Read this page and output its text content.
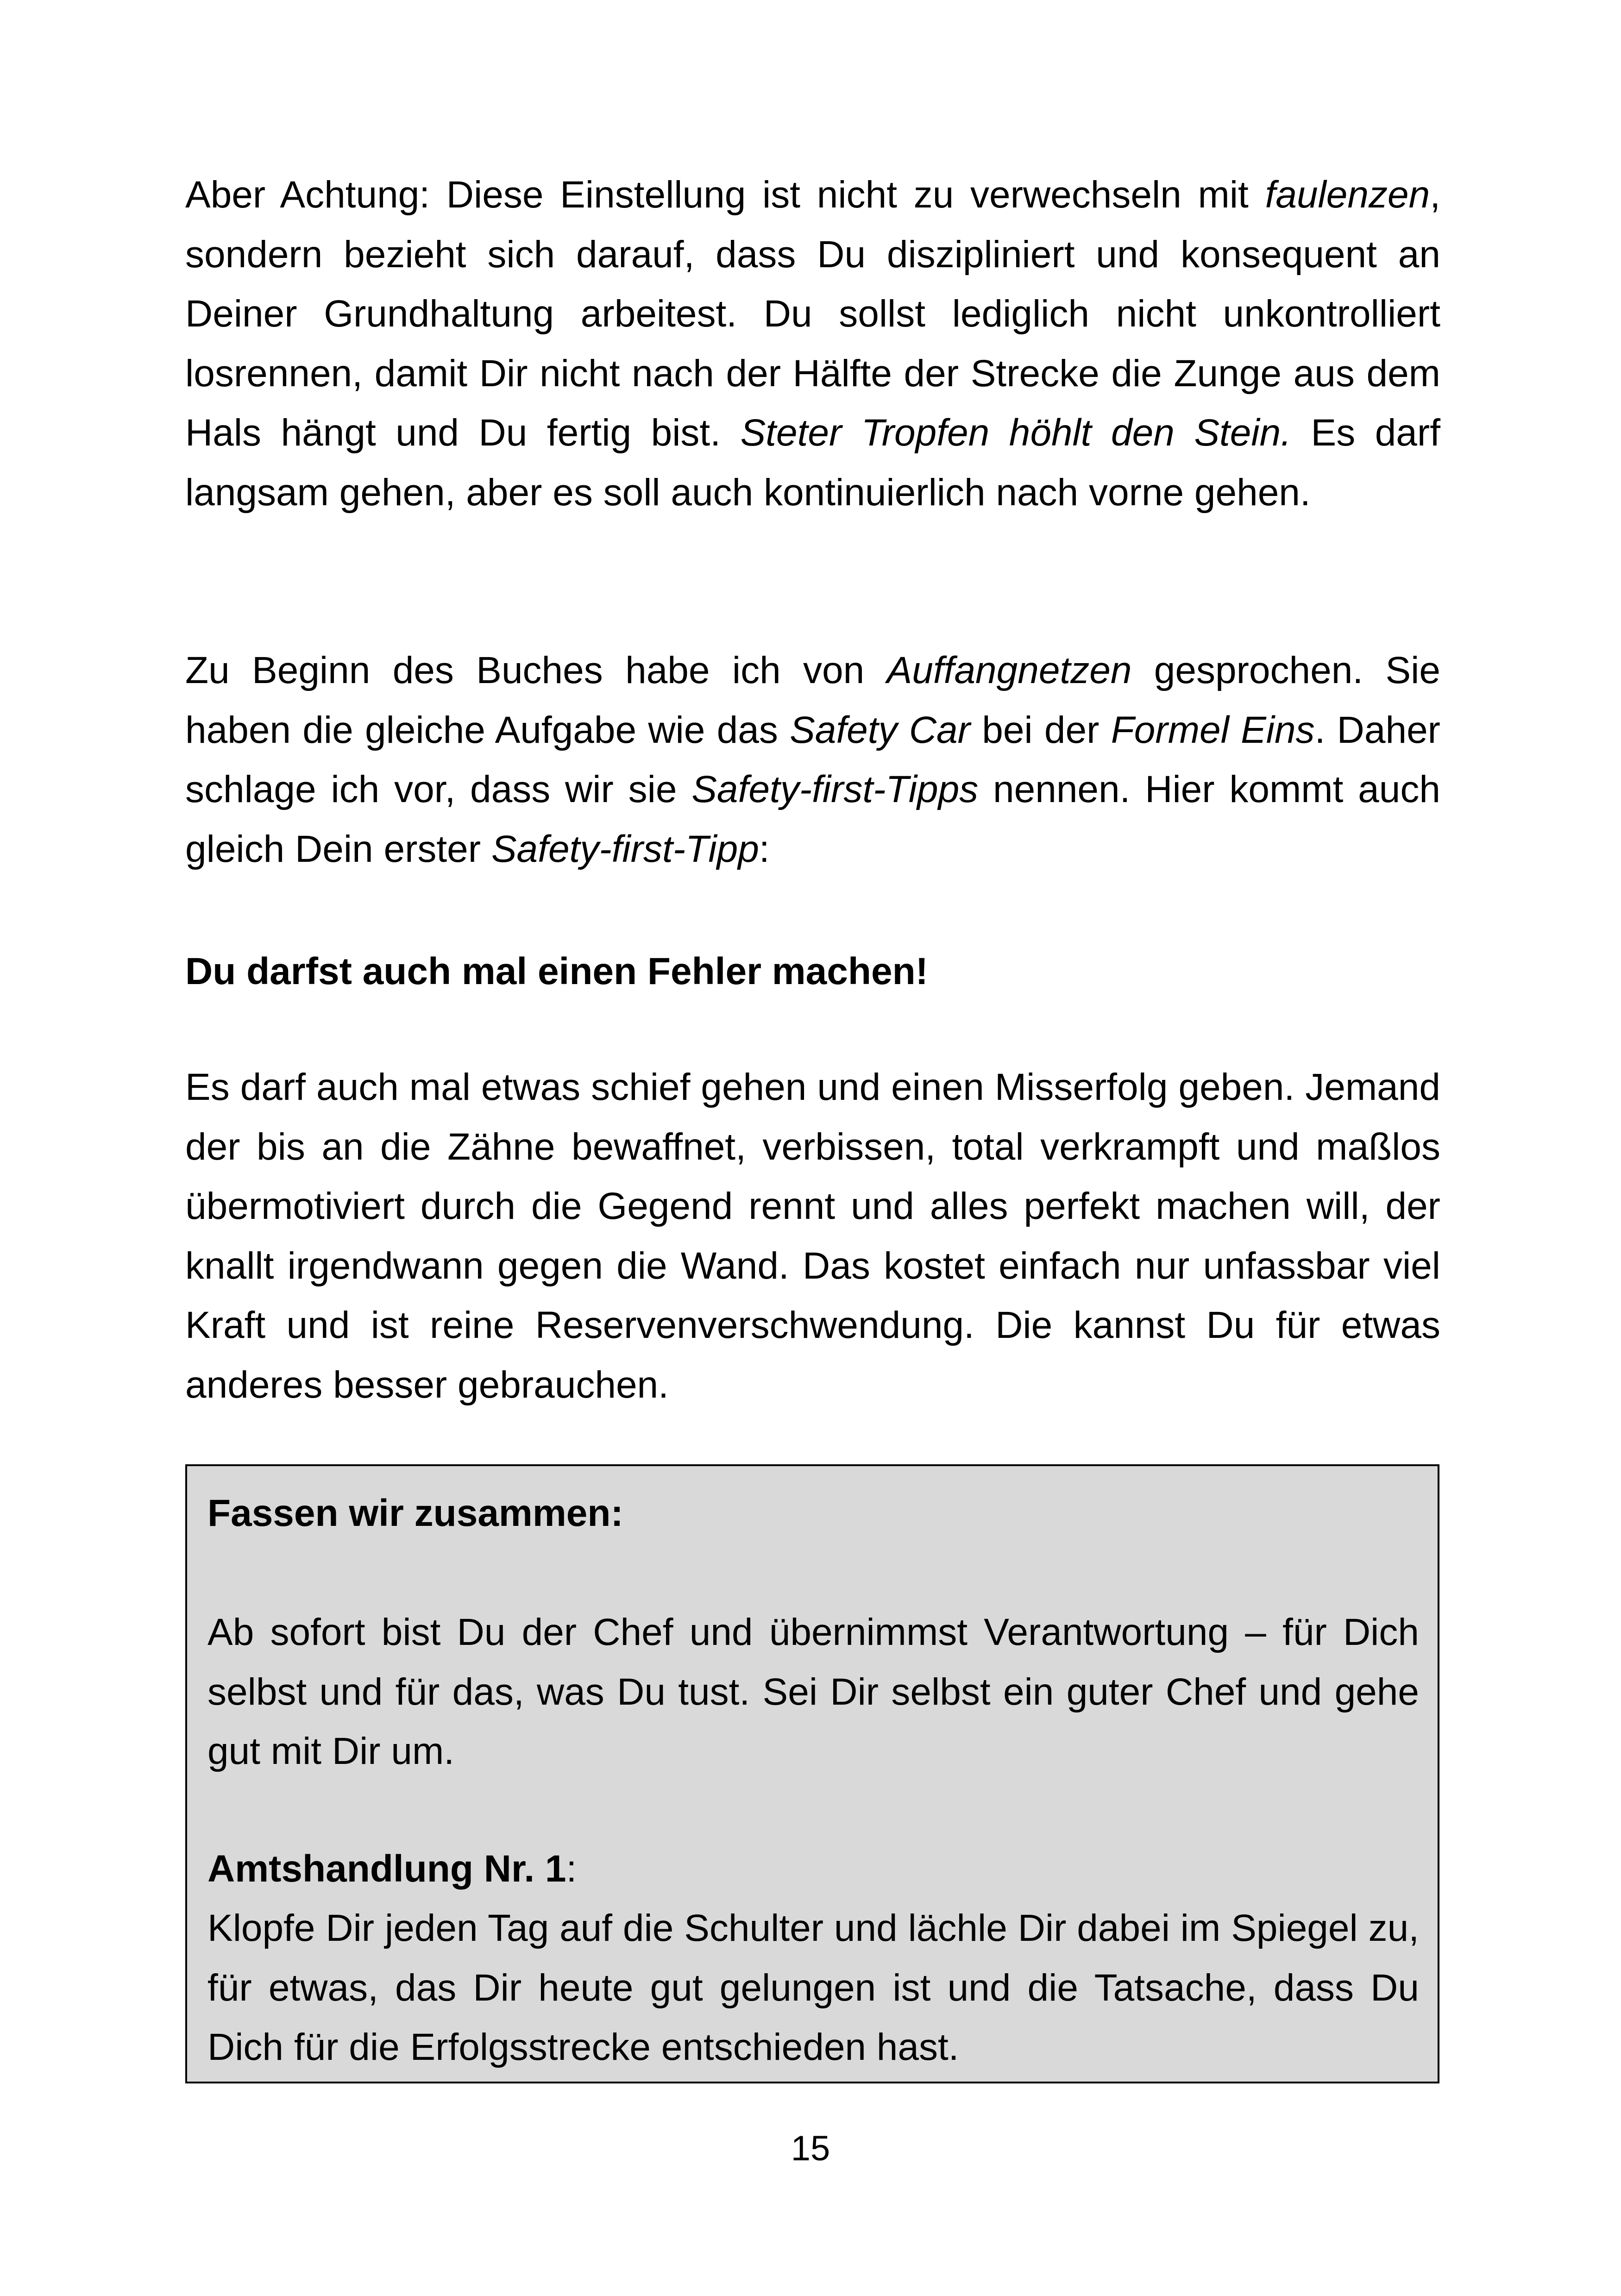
Aber Achtung: Diese Einstellung ist nicht zu verwechseln mit faulenzen, sondern bezieht sich darauf, dass Du diszipliniert und konsequent an Deiner Grundhaltung arbeitest. Du sollst lediglich nicht unkontrolliert losrennen, damit Dir nicht nach der Hälfte der Strecke die Zunge aus dem Hals hängt und Du fertig bist. Steter Tropfen höhlt den Stein. Es darf langsam gehen, aber es soll auch kontinuierlich nach vorne gehen.

Zu Beginn des Buches habe ich von Auffangnetzen gesprochen. Sie haben die gleiche Aufgabe wie das Safety Car bei der Formel Eins. Daher schlage ich vor, dass wir sie Safety-first-Tipps nennen. Hier kommt auch gleich Dein erster Safety-first-Tipp:

Du darfst auch mal einen Fehler machen!

Es darf auch mal etwas schief gehen und einen Misserfolg geben. Jemand der bis an die Zähne bewaffnet, verbissen, total verkrampft und maßlos übermotiviert durch die Gegend rennt und alles perfekt machen will, der knallt irgendwann gegen die Wand. Das kostet einfach nur unfassbar viel Kraft und ist reine Reservenverschwendung. Die kannst Du für etwas anderes besser gebrauchen.

Fassen wir zusammen:

Ab sofort bist Du der Chef und übernimmst Verantwortung – für Dich selbst und für das, was Du tust. Sei Dir selbst ein guter Chef und gehe gut mit Dir um.

Amtshandlung Nr. 1:

Klopfe Dir jeden Tag auf die Schulter und lächle Dir dabei im Spiegel zu, für etwas, das Dir heute gut gelungen ist und die Tatsache, dass Du Dich für die Erfolgsstrecke entschieden hast.

15
